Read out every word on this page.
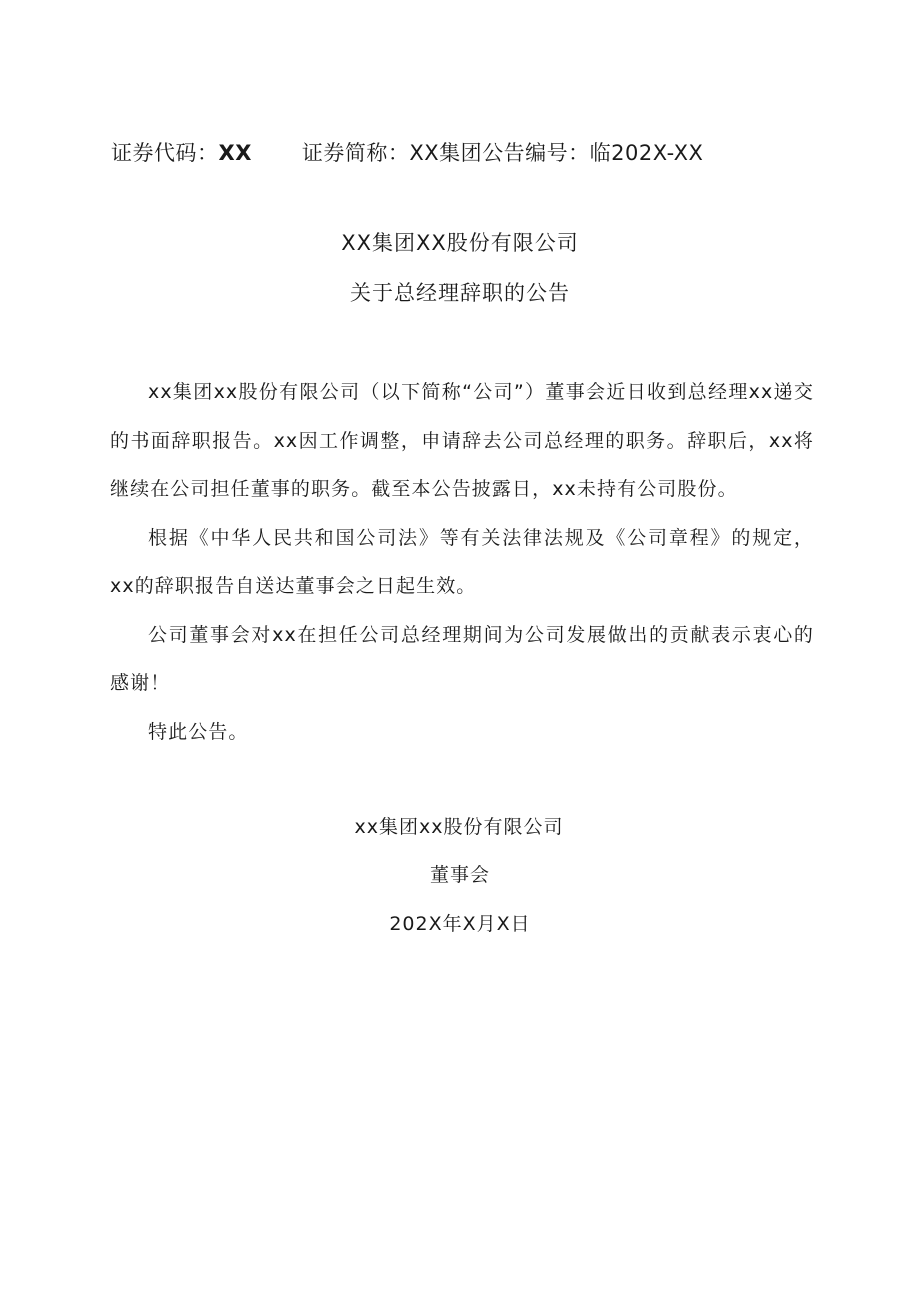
证券代码：XX 证券简称：XX集团公告编号：临202X-XX
XX集团XX股份有限公司
关于总经理辞职的公告

xx集团xx股份有限公司（以下简称“公司”）董事会近日收到总经理xx递交的书面辞职报告。xx因工作调整，申请辞去公司总经理的职务。辞职后，xx将继续在公司担任董事的职务。截至本公告披露日，xx未持有公司股份。

根据《中华人民共和国公司法》等有关法律法规及《公司章程》的规定，xx的辞职报告自送达董事会之日起生效。

公司董事会对xx在担任公司总经理期间为公司发展做出的贡献表示衷心的感谢！

特此公告。

xx集团xx股份有限公司
董事会
202X年X月X日
